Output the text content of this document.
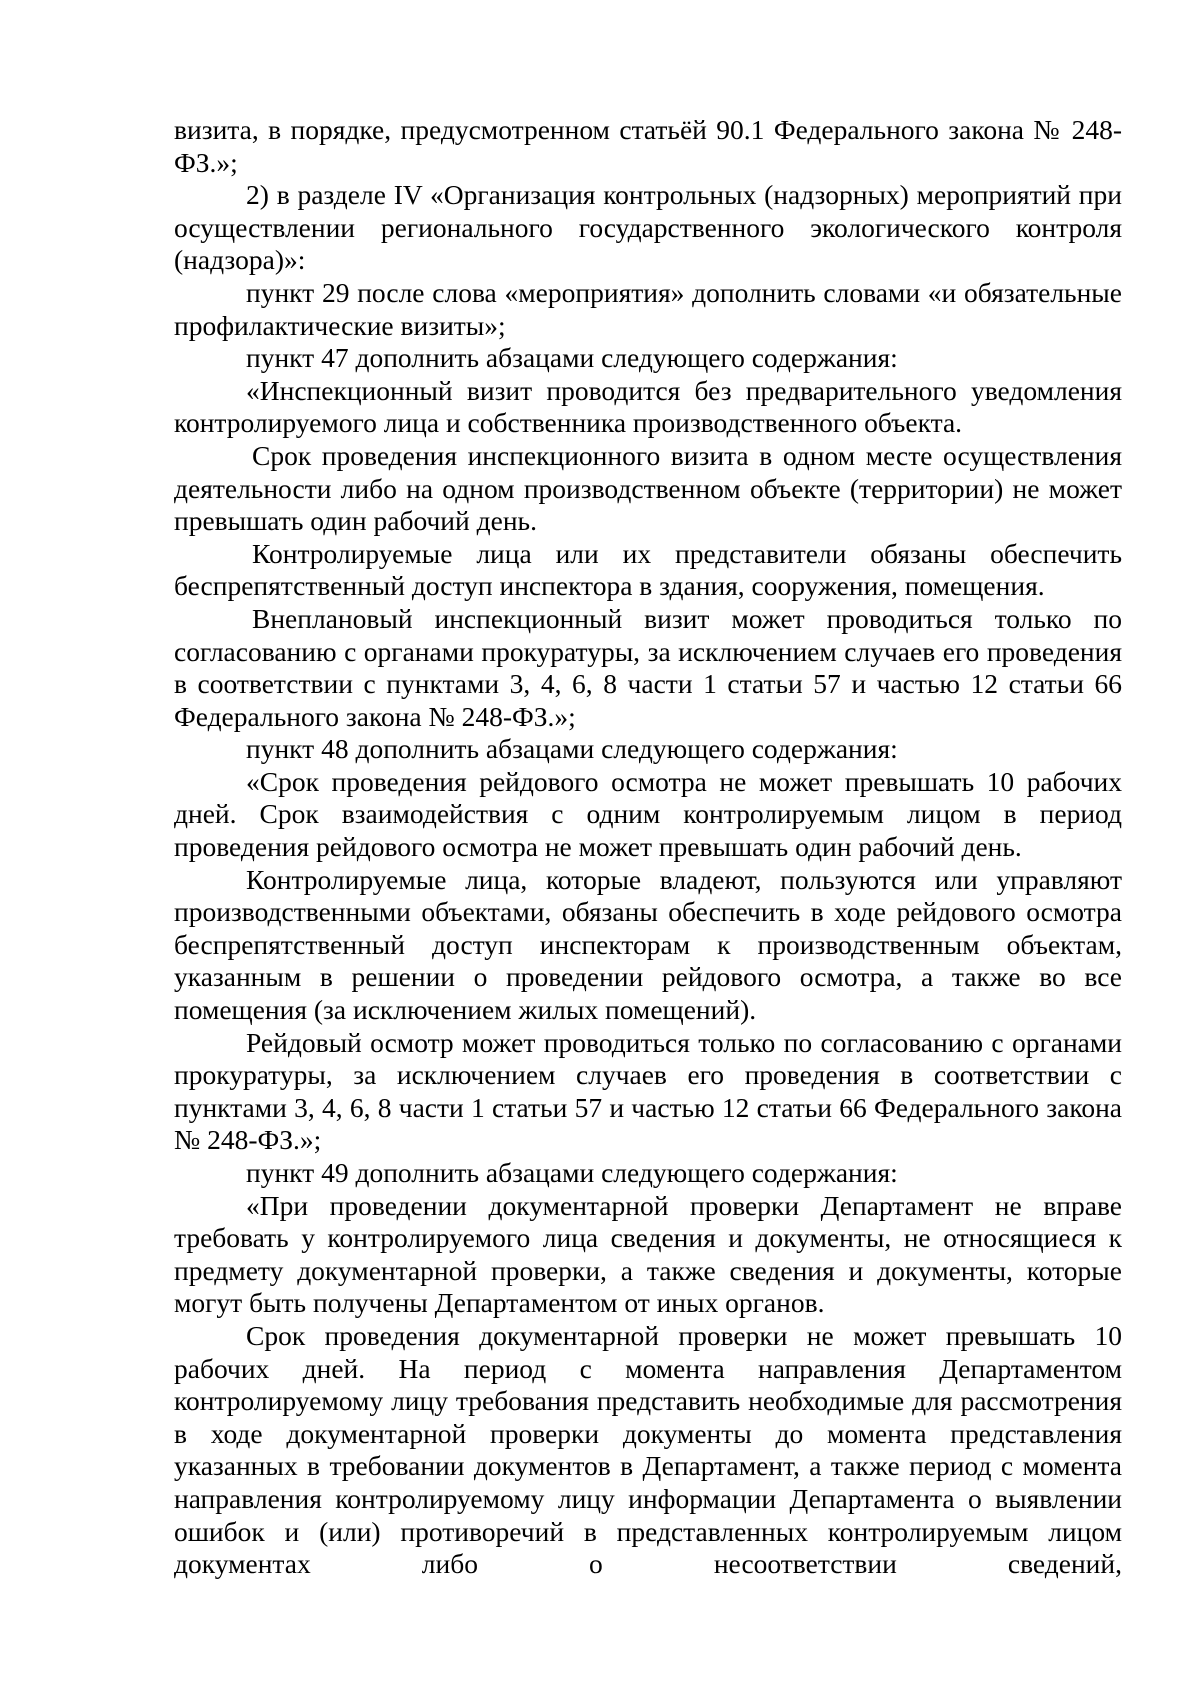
визита, в порядке, предусмотренном статьёй 90.1 Федерального закона № 248-ФЗ.»;

2) в разделе IV «Организация контрольных (надзорных) мероприятий при осуществлении регионального государственного экологического контроля (надзора)»:

пункт 29 после слова «мероприятия» дополнить словами «и обязательные профилактические визиты»;

пункт 47 дополнить абзацами следующего содержания:

«Инспекционный визит проводится без предварительного уведомления контролируемого лица и собственника производственного объекта.

Срок проведения инспекционного визита в одном месте осуществления деятельности либо на одном производственном объекте (территории) не может превышать один рабочий день.

Контролируемые лица или их представители обязаны обеспечить беспрепятственный доступ инспектора в здания, сооружения, помещения.

Внеплановый инспекционный визит может проводиться только по согласованию с органами прокуратуры, за исключением случаев его проведения в соответствии с пунктами 3, 4, 6, 8 части 1 статьи 57 и частью 12 статьи 66 Федерального закона № 248-ФЗ.»;

пункт 48 дополнить абзацами следующего содержания:

«Срок проведения рейдового осмотра не может превышать 10 рабочих дней. Срок взаимодействия с одним контролируемым лицом в период проведения рейдового осмотра не может превышать один рабочий день.

Контролируемые лица, которые владеют, пользуются или управляют производственными объектами, обязаны обеспечить в ходе рейдового осмотра беспрепятственный доступ инспекторам к производственным объектам, указанным в решении о проведении рейдового осмотра, а также во все помещения (за исключением жилых помещений).

Рейдовый осмотр может проводиться только по согласованию с органами прокуратуры, за исключением случаев его проведения в соответствии с пунктами 3, 4, 6, 8 части 1 статьи 57 и частью 12 статьи 66 Федерального закона № 248-ФЗ.»;

пункт 49 дополнить абзацами следующего содержания:

«При проведении документарной проверки Департамент не вправе требовать у контролируемого лица сведения и документы, не относящиеся к предмету документарной проверки, а также сведения и документы, которые могут быть получены Департаментом от иных органов.

Срок проведения документарной проверки не может превышать 10 рабочих дней. На период с момента направления Департаментом контролируемому лицу требования представить необходимые для рассмотрения в ходе документарной проверки документы до момента представления указанных в требовании документов в Департамент, а также период с момента направления контролируемому лицу информации Департамента о выявлении ошибок и (или) противоречий в представленных контролируемым лицом документах либо о несоответствии сведений,
